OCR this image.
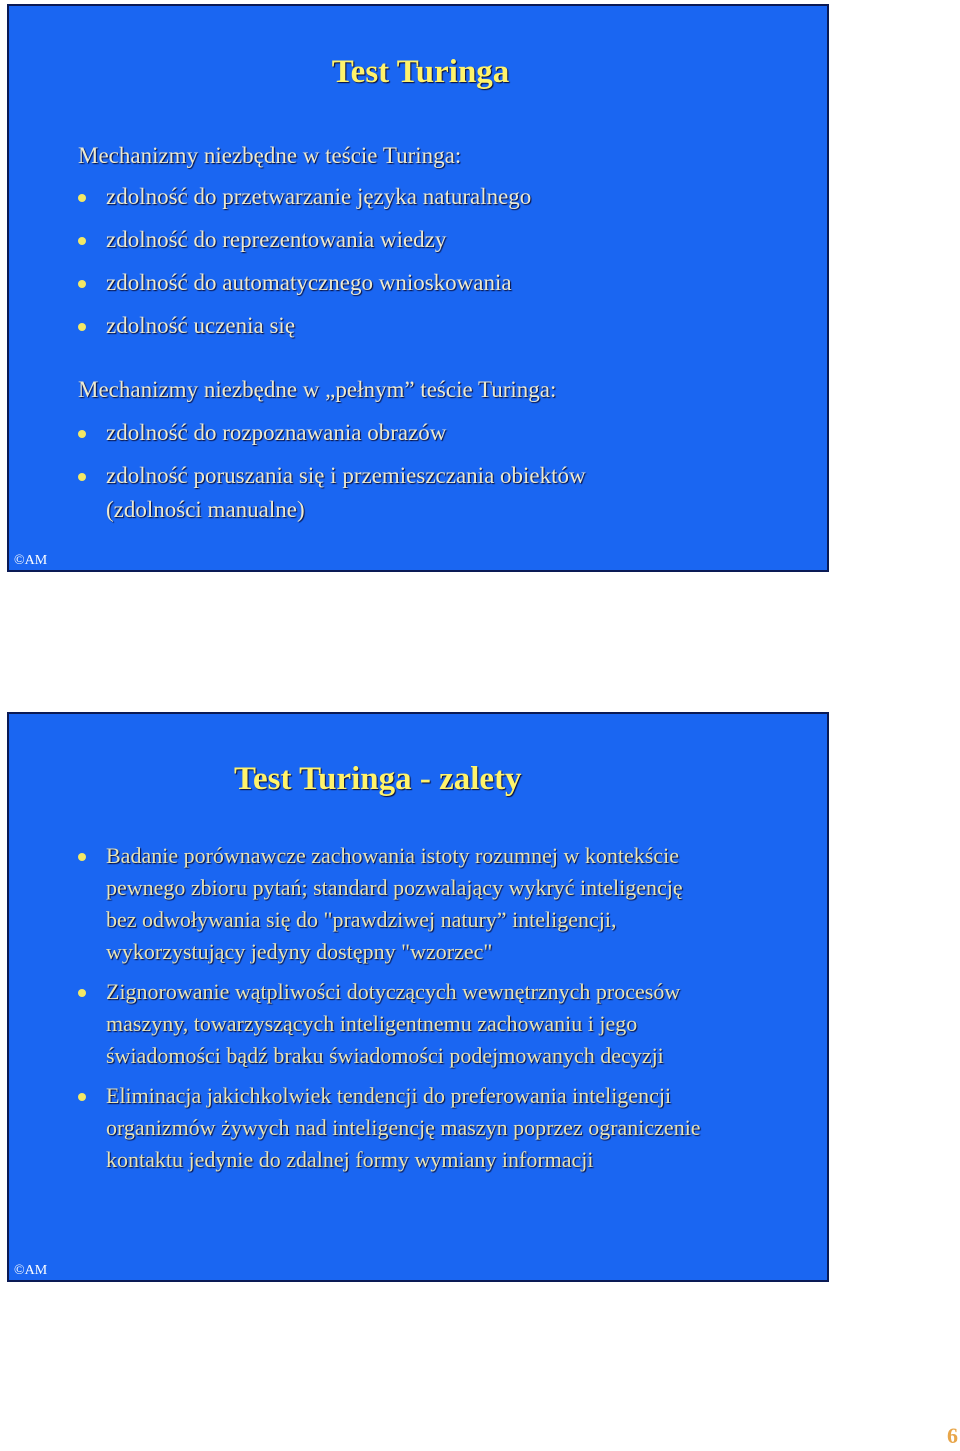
Test Turinga
Mechanizmy niezbędne w teście Turinga:
zdolność do przetwarzanie języka naturalnego
zdolność do reprezentowania wiedzy
zdolność do automatycznego wnioskowania
zdolność uczenia się
Mechanizmy niezbędne w „pełnym” teście Turinga:
zdolność do rozpoznawania obrazów
zdolność poruszania się i przemieszczania obiektów
(zdolności manualne)
©AM
Test Turinga - zalety
Badanie porównawcze zachowania istoty rozumnej w kontekście
pewnego zbioru pytań; standard pozwalający wykryć inteligencję
bez odwoływania się do "prawdziwej natury” inteligencji,
wykorzystujący jedyny dostępny "wzorzec"
Zignorowanie wątpliwości dotyczących wewnętrznych procesów
maszyny, towarzyszących inteligentnemu zachowaniu i jego
świadomości bądź braku świadomości podejmowanych decyzji
Eliminacja jakichkolwiek tendencji do preferowania inteligencji
organizmów żywych nad inteligencję maszyn poprzez ograniczenie
kontaktu jedynie do zdalnej formy wymiany informacji
©AM
6
